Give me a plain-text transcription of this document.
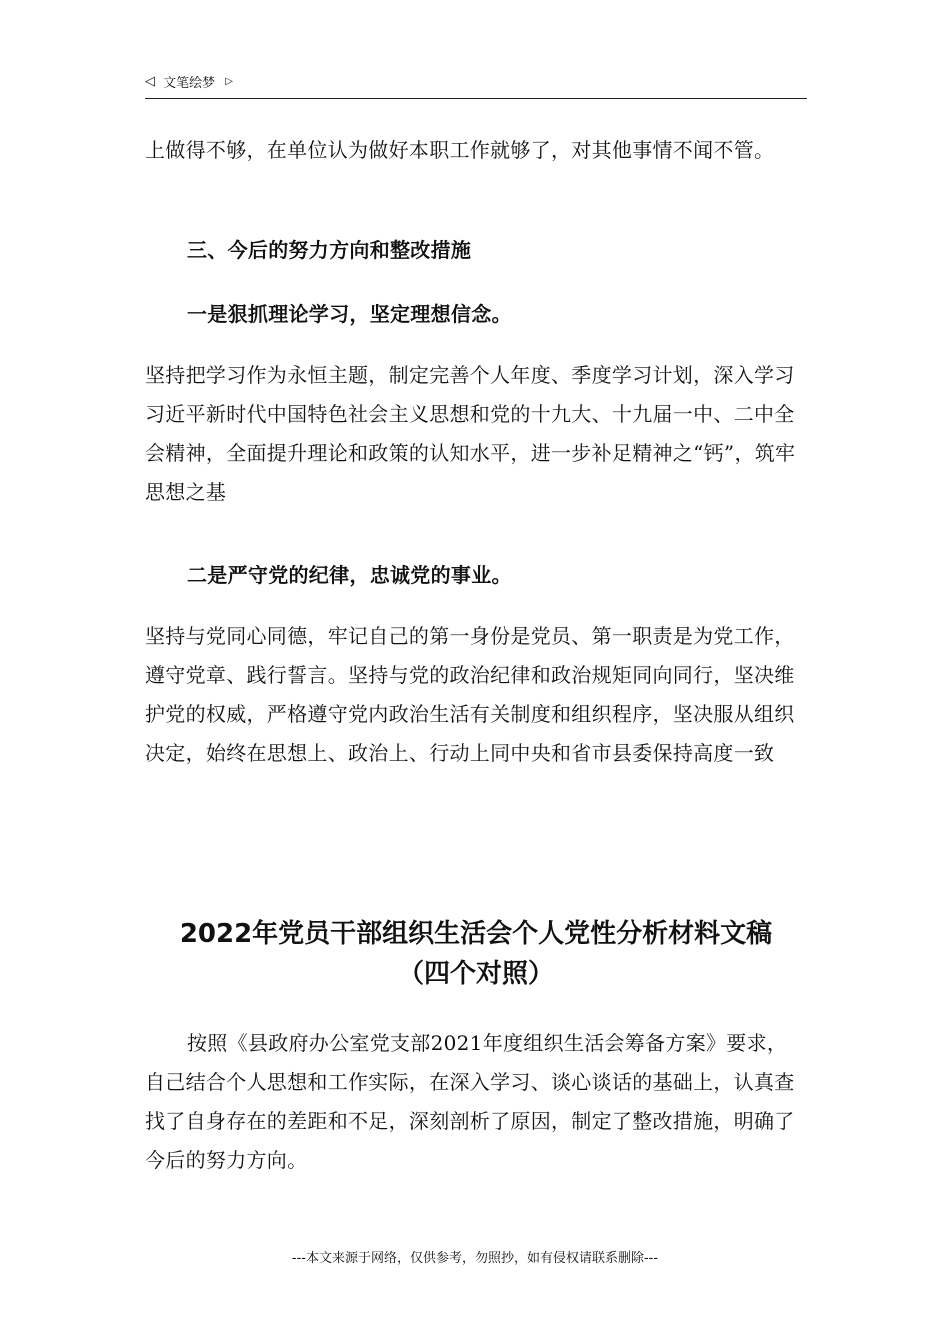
◁ 文笔绘梦 ▷

上做得不够，在单位认为做好本职工作就够了，对其他事情不闻不管。

三、今后的努力方向和整改措施

一是狠抓理论学习，坚定理想信念。

坚持把学习作为永恒主题，制定完善个人年度、季度学习计划，深入学习习近平新时代中国特色社会主义思想和党的十九大、十九届一中、二中全会精神，全面提升理论和政策的认知水平，进一步补足精神之“钙”，筑牢思想之基

二是严守党的纪律，忠诚党的事业。

坚持与党同心同德，牢记自己的第一身份是党员、第一职责是为党工作，遵守党章、践行誓言。坚持与党的政治纪律和政治规矩同向同行，坚决维护党的权威，严格遵守党内政治生活有关制度和组织程序，坚决服从组织决定，始终在思想上、政治上、行动上同中央和省市县委保持高度一致

2022年党员干部组织生活会个人党性分析材料文稿

（四个对照）

按照《县政府办公室党支部2021年度组织生活会筹备方案》要求，自己结合个人思想和工作实际，在深入学习、谈心谈话的基础上，认真查找了自身存在的差距和不足，深刻剖析了原因，制定了整改措施，明确了今后的努力方向。

---本文来源于网络，仅供参考，勿照抄，如有侵权请联系删除---
